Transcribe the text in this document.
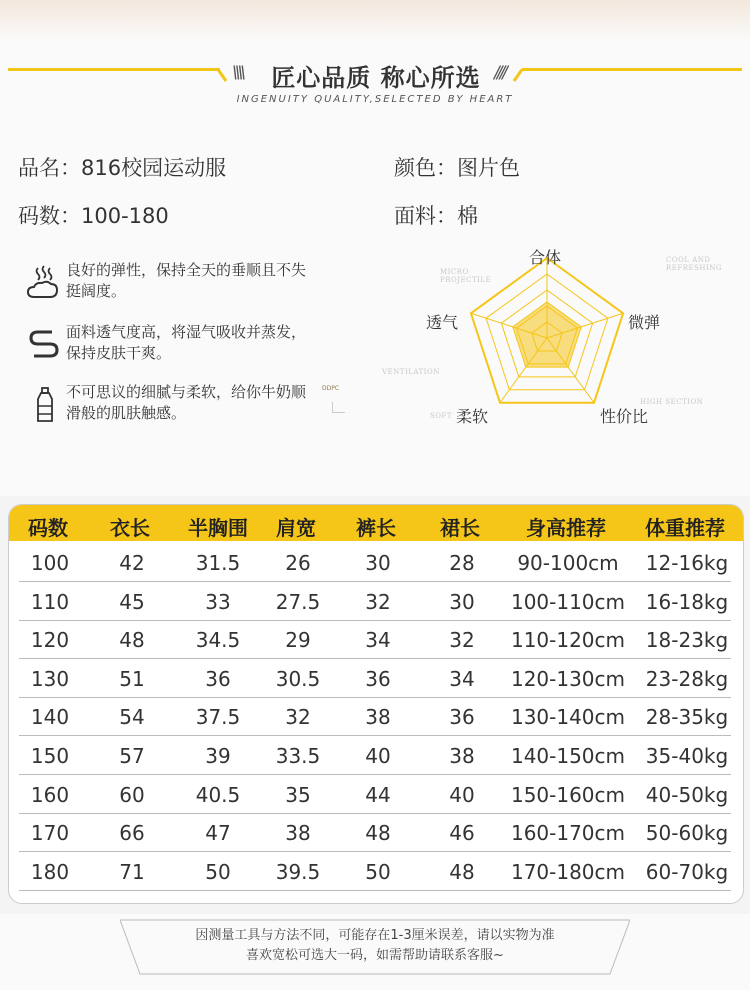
\\\\	////
匠心品质 称心所选
INGENUITY QUALITY,SELECTED BY HEART
品名：816校园运动服
码数：100-180
颜色：图片色
面料：棉
良好的弹性，保持全天的垂顺且不失挺阔度。
面料透气度高，将湿气吸收并蒸发，保持皮肤干爽。
不可思议的细腻与柔软，给你牛奶顺滑般的肌肤触感。
DDPC
合体
微弹
性价比
柔软
透气
COOL AND REFRESHING
MICRO PROJECTILE
VENTILATION
SOFT
HIGH SECTION
码数	衣长	半胸围	肩宽	裤长	裙长	身高推荐	体重推荐
100	42	31.5	26	30	28	90-100cm	12-16kg
110	45	33	27.5	32	30	100-110cm	16-18kg
120	48	34.5	29	34	32	110-120cm	18-23kg
130	51	36	30.5	36	34	120-130cm	23-28kg
140	54	37.5	32	38	36	130-140cm	28-35kg
150	57	39	33.5	40	38	140-150cm	35-40kg
160	60	40.5	35	44	40	150-160cm	40-50kg
170	66	47	38	48	46	160-170cm	50-60kg
180	71	50	39.5	50	48	170-180cm	60-70kg
因测量工具与方法不同，可能存在1-3厘米误差，请以实物为准
喜欢宽松可选大一码，如需帮助请联系客服~
